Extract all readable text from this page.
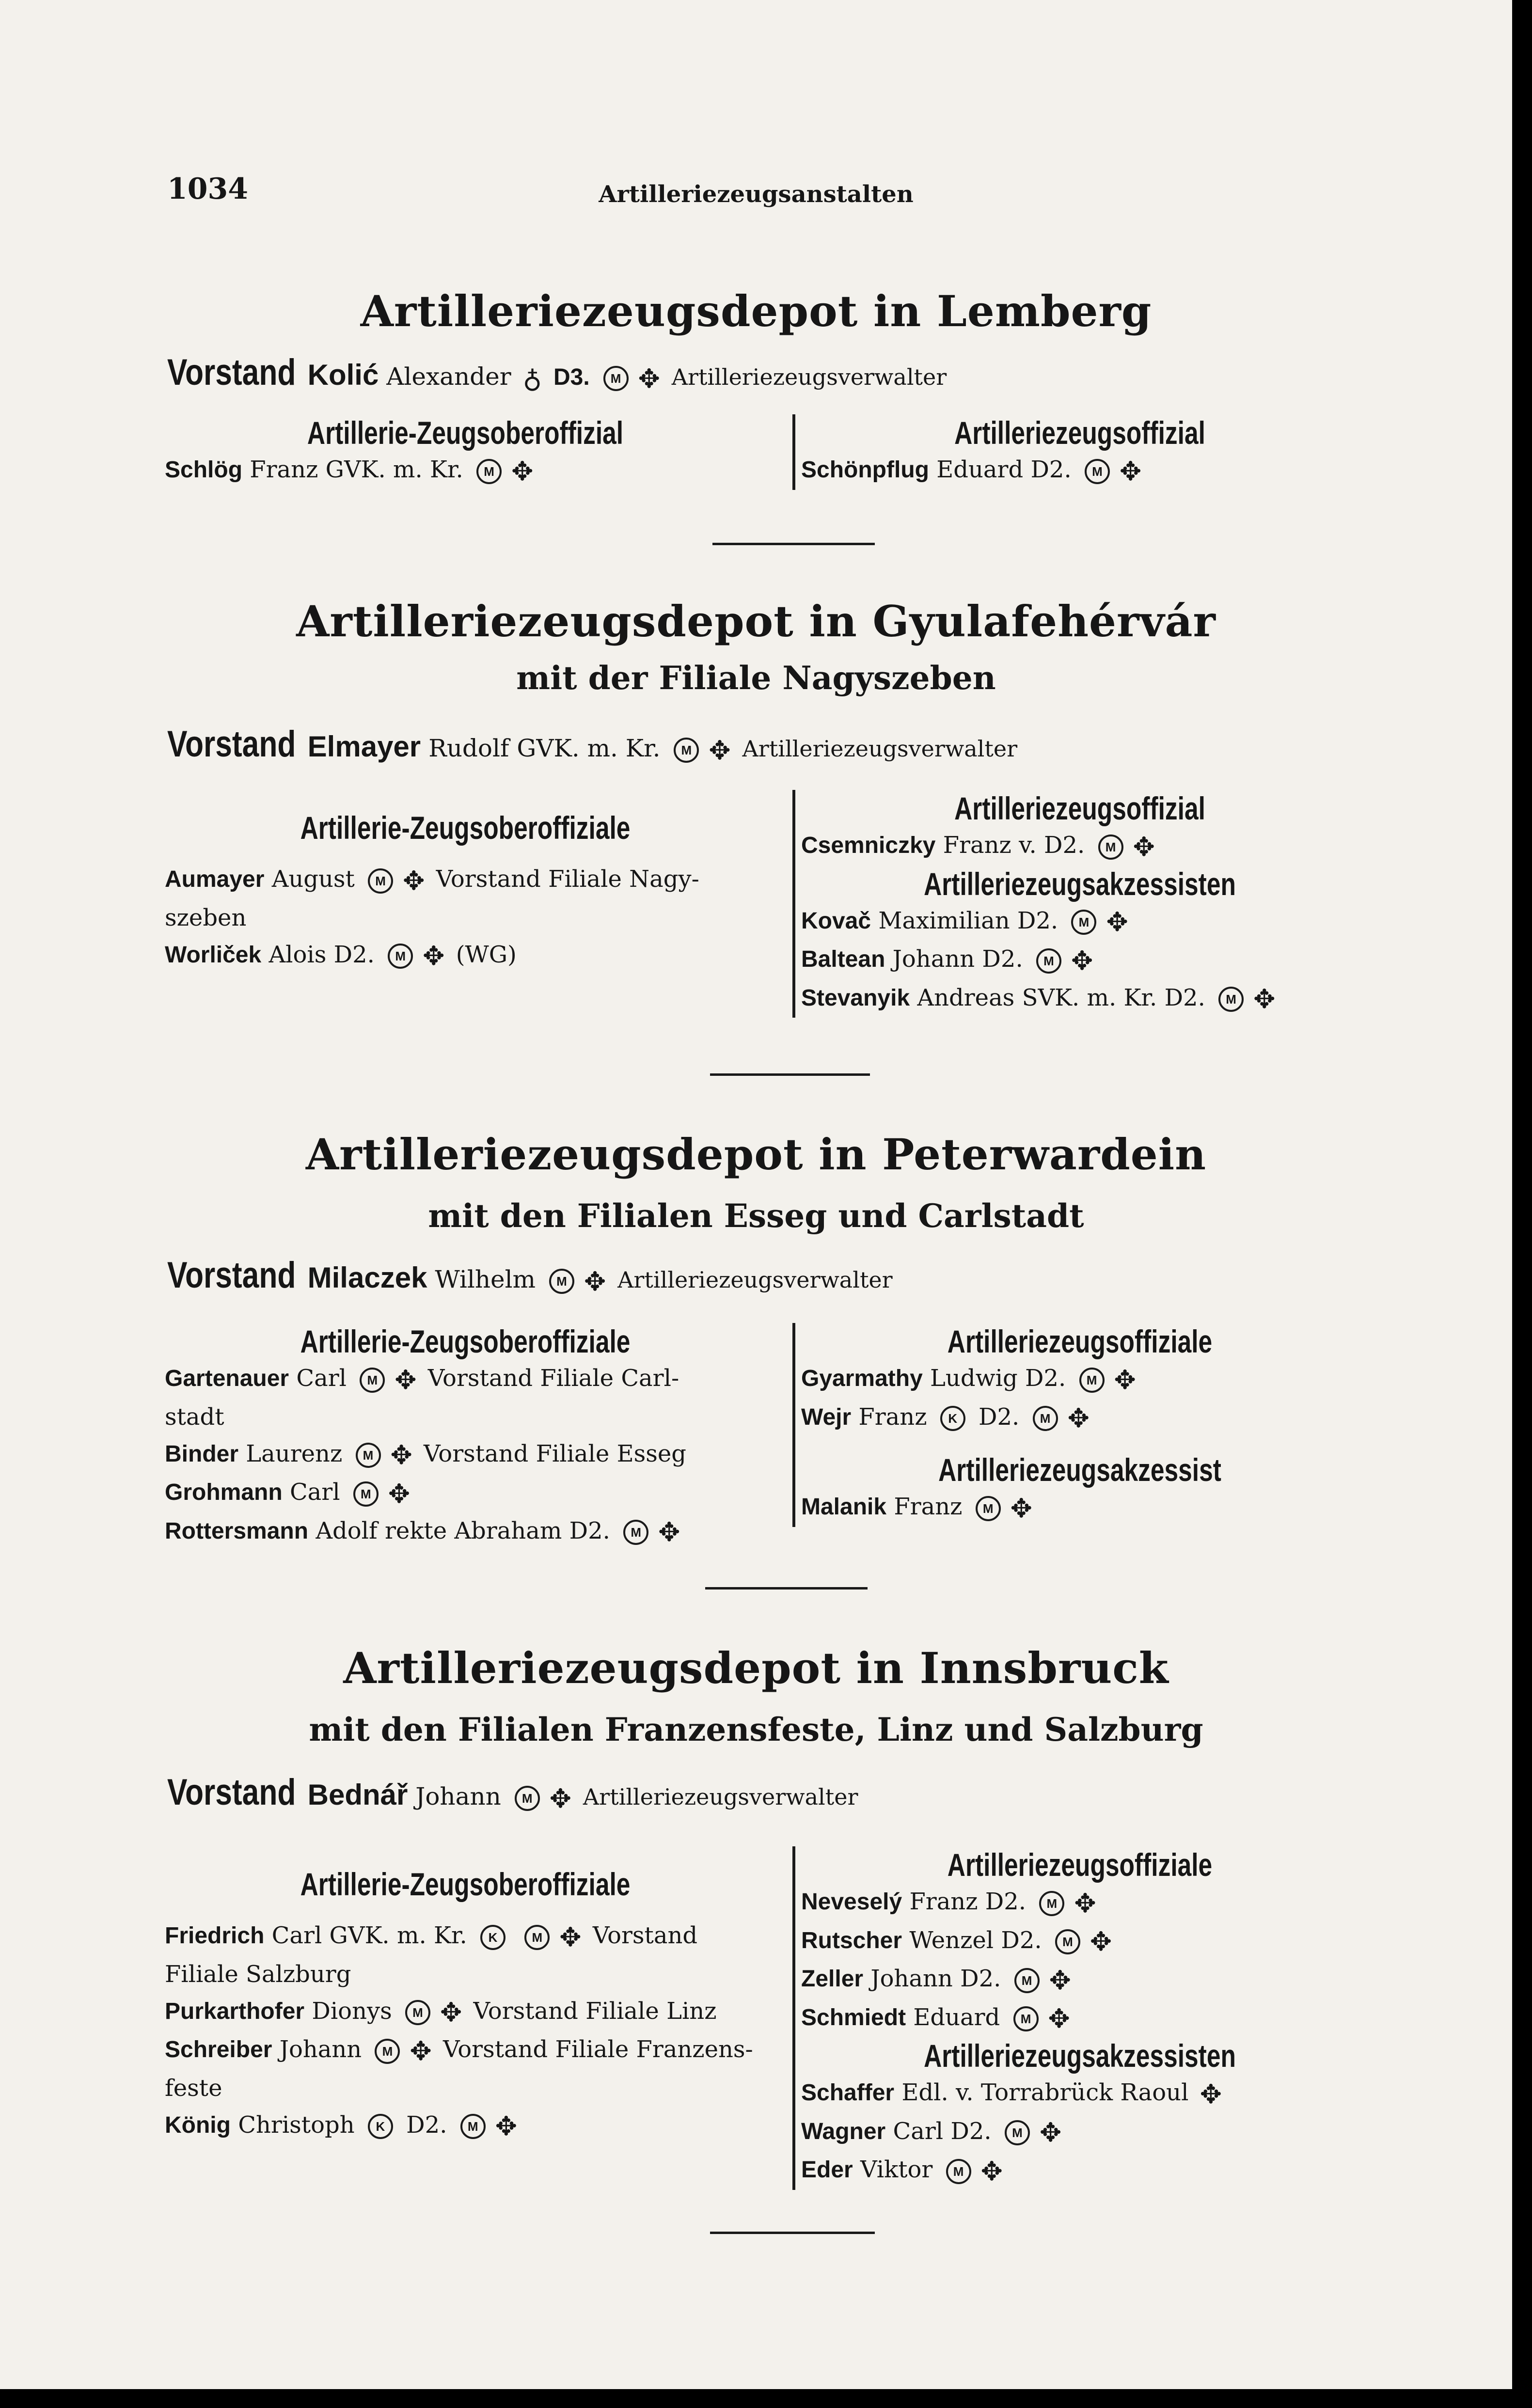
1034	Artilleriezeugsanstalten
Artilleriezeugsdepot in Lemberg
Vorstand Kolić Alexander ♁ D3. M ✥ Artilleriezeugsverwalter
Artillerie-Zeugsoberoffizial
Schlög Franz GVK. m. Kr. M ✥
Artilleriezeugsoffizial
Schönpflug Eduard D2. M ✥
Artilleriezeugsdepot in Gyulafehérvár
mit der Filiale Nagyszeben
Vorstand Elmayer Rudolf GVK. m. Kr. M ✥ Artilleriezeugsverwalter
Artillerie-Zeugsoberoffiziale
Aumayer August M ✥ Vorstand Filiale Nagy-
szeben
Worliček Alois D2. M ✥ (WG)
Artilleriezeugsoffizial
Csemniczky Franz v. D2. M ✥
Artilleriezeugsakzessisten
Kovač Maximilian D2. M ✥
Baltean Johann D2. M ✥
Stevanyik Andreas SVK. m. Kr. D2. M ✥
Artilleriezeugsdepot in Peterwardein
mit den Filialen Esseg und Carlstadt
Vorstand Milaczek Wilhelm M ✥ Artilleriezeugsverwalter
Artillerie-Zeugsoberoffiziale
Gartenauer Carl M ✥ Vorstand Filiale Carl-
stadt
Binder Laurenz M ✥ Vorstand Filiale Esseg
Grohmann Carl M ✥
Rottersmann Adolf rekte Abraham D2. M ✥
Artilleriezeugsoffiziale
Gyarmathy Ludwig D2. M ✥
Wejr Franz K D2. M ✥
Artilleriezeugsakzessist
Malanik Franz M ✥
Artilleriezeugsdepot in Innsbruck
mit den Filialen Franzensfeste, Linz und Salzburg
Vorstand Bednář Johann M ✥ Artilleriezeugsverwalter
Artillerie-Zeugsoberoffiziale
Friedrich Carl GVK. m. Kr. K	M ✥ Vorstand
Filiale Salzburg
Purkarthofer Dionys M ✥ Vorstand Filiale Linz
Schreiber Johann M ✥ Vorstand Filiale Franzens-
feste
König Christoph K D2. M ✥
Artilleriezeugsoffiziale
Neveselý Franz D2. M ✥
Rutscher Wenzel D2. M ✥
Zeller Johann D2. M ✥
Schmiedt Eduard M ✥
Artilleriezeugsakzessisten
Schaffer Edl. v. Torrabrück Raoul ✥
Wagner Carl D2. M ✥
Eder Viktor M ✥
